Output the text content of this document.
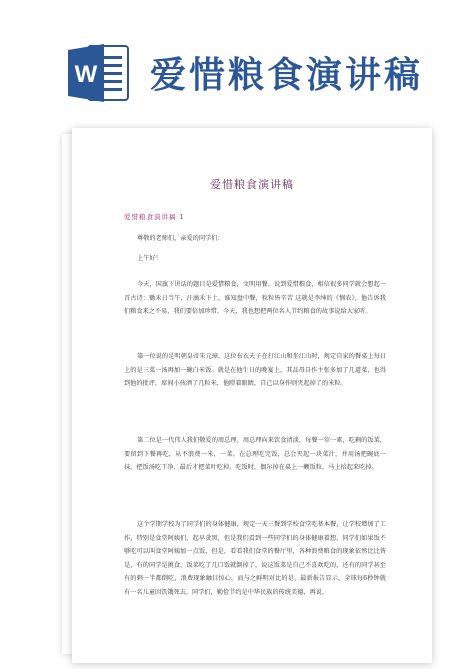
W 爱惜粮食演讲稿
爱惜粮食演讲稿
爱惜粮食演讲稿 1
尊敬的老师们、亲爱的同学们：
上午好！
今天，国旗下讲话的题目是爱惜粮食，文明用餐。说到爱惜粮食，相信很多同学就会想起一首古诗：锄禾日当午，汗滴禾下土，谁知盘中餐，粒粒皆辛苦 这就是李绅的《悯农》，他告诉我们粮食来之不易，我们要倍加珍惜。今天，我也想把两位名人节约粮食的故事说给大家听。
第一位说的是明朝皇帝朱元璋。这位布衣天子在打江山和坐江山时，规定自家的餐桌上每日上的是三菜一汤再加一碗白米饭。就是在他生日的晚宴上，其品母自作主张多加了几道菜，也得到他的批评，席间小孩洒了几粒米，他瞪着眼睛，自己以身作则夹起掉了的米粒。
第二位是一代伟人我们敬爱的周总理。周总理向来饮食清淡，每餐一荤一素，吃剩的饭菜，要留到下餐再吃，从不浪费一米，一菜。在总理吃完饭，总会夹起一块菜汁，并用汤把碗底一抹，把饭汤吃干净，最后才把菜叶吃掉。吃饭时，偶尔掉在桌上一颗饭粒，马上拾起来吃掉。
这个学期学校为了同学们的身体健康，规定一天三餐到学校食堂吃基本餐，让学校增加了工作，特别是食堂阿姨们，起早贪黑，但是我们看到一些同学们的身体健康着想，同学们如果饭不够吃可以叫食堂阿姨加一点饭，但是，看看我们食堂的餐厅里，各种浪费粮食的现象依然比比皆是，有的同学是挑食，饭菜吃了几口饭就倒掉了，说这饭菜是自己不喜欢吃的，还有的同学甚至有的剩一半都倒吃，浪费现象触目惊心，而与之鲜明对比的是，最新报告显示，全球每6秒钟就有一名儿童因饥饿死去，同学们，勤俭节约是中华民族的传统美德，再说，
